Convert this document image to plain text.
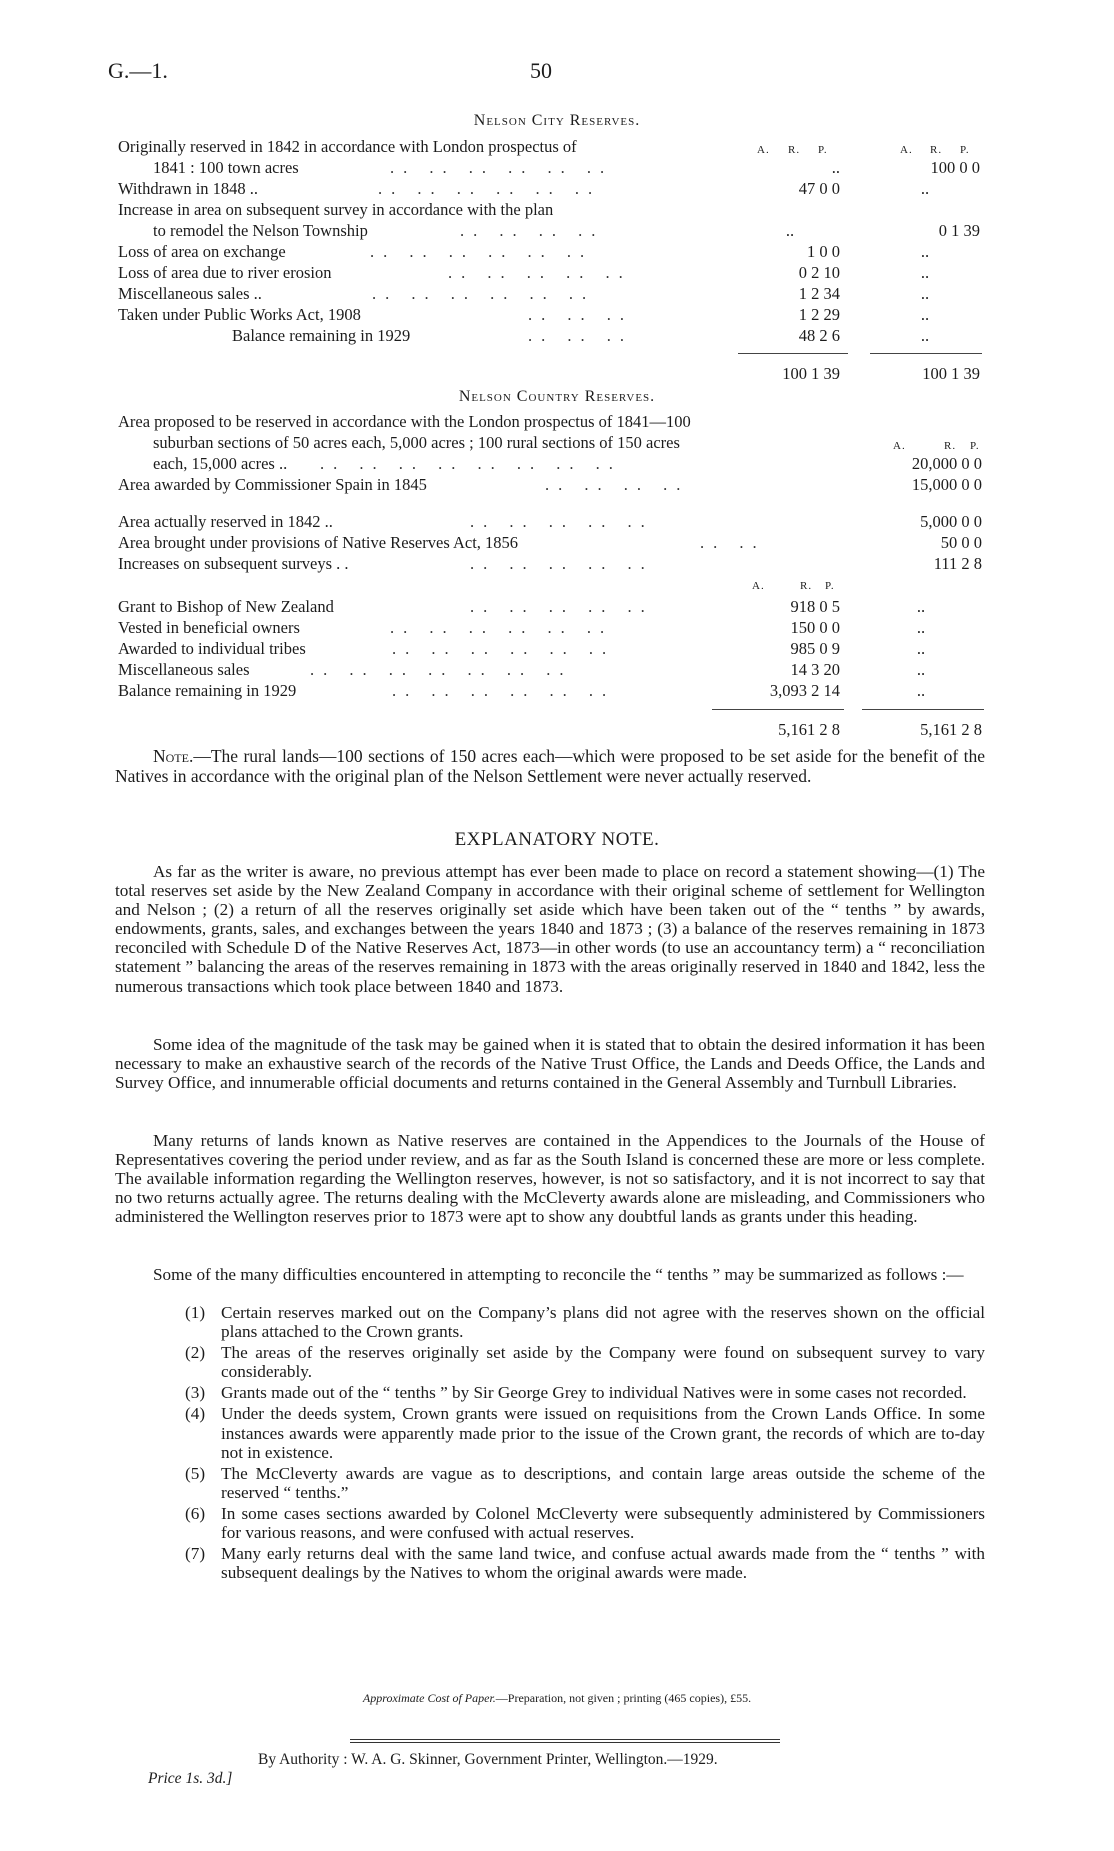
G.—1.	50
Nelson City Reserves.
A. R. P.	A. R. P.
Originally reserved in 1842 in accordance with London prospectus of
1841 : 100 town acres	.. .. .. .. .. ..	..	100 0 0
Withdrawn in 1848 ..	.. .. .. .. .. ..	47 0 0	..
Increase in area on subsequent survey in accordance with the plan
to remodel the Nelson Township	.. .. .. ..	..	0 1 39
Loss of area on exchange	.. .. .. .. .. ..	1 0 0	..
Loss of area due to river erosion	.. .. .. .. ..	0 2 10	..
Miscellaneous sales ..	.. .. .. .. .. ..	1 2 34	..
Taken under Public Works Act, 1908	.. .. ..	1 2 29	..
Balance remaining in 1929	.. .. ..	48 2 6	..
100 1 39	100 1 39
Nelson Country Reserves.
Area proposed to be reserved in accordance with the London prospectus of 1841—100
suburban sections of 50 acres each, 5,000 acres ; 100 rural sections of 150 acres	A.	R. P.
each, 15,000 acres .. .. .. .. .. .. .. .. ..	20,000 0 0
Area awarded by Commissioner Spain in 1845	.. .. .. ..	15,000 0 0
Area actually reserved in 1842 ..	.. .. .. .. ..	5,000 0 0
Area brought under provisions of Native Reserves Act, 1856	.. ..	50 0 0
Increases on subsequent surveys . .	.. .. .. .. ..	111 2 8
A.	R. P.
Grant to Bishop of New Zealand	.. .. .. .. ..	918 0 5	..
Vested in beneficial owners	.. .. .. .. .. ..	150 0 0	..
Awarded to individual tribes	.. .. .. .. .. ..	985 0 9	..
Miscellaneous sales	.. .. .. .. .. .. ..	14 3 20	..
Balance remaining in 1929	.. .. .. .. .. ..	3,093 2 14	..
5,161 2 8	5,161 2 8
Note.—The rural lands—100 sections of 150 acres each—which were proposed to be set aside for the benefit of the Natives in accordance with the original plan of the Nelson Settlement were never actually reserved.
EXPLANATORY NOTE.
As far as the writer is aware, no previous attempt has ever been made to place on record a statement showing—(1) The total reserves set aside by the New Zealand Company in accordance with their original scheme of settlement for Wellington and Nelson ; (2) a return of all the reserves originally set aside which have been taken out of the “ tenths ” by awards, endowments, grants, sales, and exchanges between the years 1840 and 1873 ; (3) a balance of the reserves remaining in 1873 reconciled with Schedule D of the Native Reserves Act, 1873—in other words (to use an accountancy term) a “ reconciliation statement ” balancing the areas of the reserves remaining in 1873 with the areas originally reserved in 1840 and 1842, less the numerous transactions which took place between 1840 and 1873.
Some idea of the magnitude of the task may be gained when it is stated that to obtain the desired information it has been necessary to make an exhaustive search of the records of the Native Trust Office, the Lands and Deeds Office, the Lands and Survey Office, and innumerable official documents and returns contained in the General Assembly and Turnbull Libraries.
Many returns of lands known as Native reserves are contained in the Appendices to the Journals of the House of Representatives covering the period under review, and as far as the South Island is concerned these are more or less complete. The available information regarding the Wellington reserves, however, is not so satisfactory, and it is not incorrect to say that no two returns actually agree. The returns dealing with the McCleverty awards alone are misleading, and Commissioners who administered the Wellington reserves prior to 1873 were apt to show any doubtful lands as grants under this heading.
Some of the many difficulties encountered in attempting to reconcile the “ tenths ” may be summarized as follows :—
(1) Certain reserves marked out on the Company’s plans did not agree with the reserves shown on the official plans attached to the Crown grants.
(2) The areas of the reserves originally set aside by the Company were found on subsequent survey to vary considerably.
(3) Grants made out of the “ tenths ” by Sir George Grey to individual Natives were in some cases not recorded.
(4) Under the deeds system, Crown grants were issued on requisitions from the Crown Lands Office. In some instances awards were apparently made prior to the issue of the Crown grant, the records of which are to-day not in existence.
(5) The McCleverty awards are vague as to descriptions, and contain large areas outside the scheme of the reserved “ tenths.”
(6) In some cases sections awarded by Colonel McCleverty were subsequently administered by Commissioners for various reasons, and were confused with actual reserves.
(7) Many early returns deal with the same land twice, and confuse actual awards made from the “ tenths ” with subsequent dealings by the Natives to whom the original awards were made.
Approximate Cost of Paper.—Preparation, not given ; printing (465 copies), £55.
By Authority : W. A. G. Skinner, Government Printer, Wellington.—1929.
Price 1s. 3d.]
